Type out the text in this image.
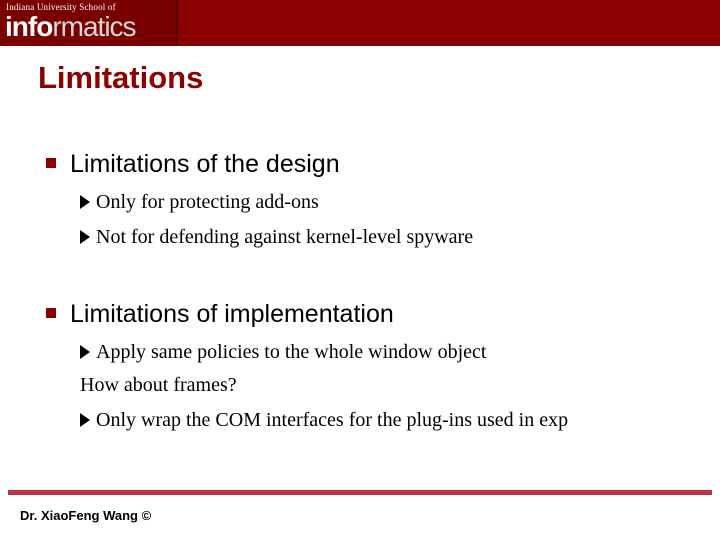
Indiana University School of
informatics
Limitations
Limitations of the design
Only for protecting add-ons
Not for defending against kernel-level spyware
Limitations of implementation
Apply same policies to the whole window object
How about frames?
Only wrap the COM interfaces for the plug-ins used in exp
Dr. XiaoFeng Wang ©
